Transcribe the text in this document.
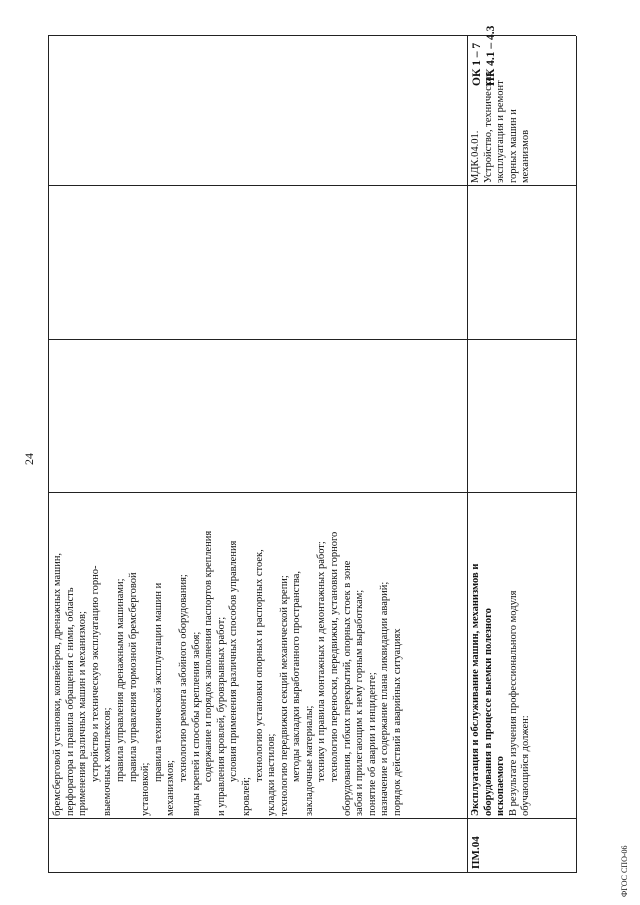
бремсберговой установки, конвейеров, дренажных машин, перфоратора и правила обращения с ними, область применения различных машин и механизмов; устройство и техническую эксплуатацию горно- выемочных комплексов; правила управления дренажными машинами; правила управления тормозной бремсберговой
установкой;
правила технической эксплуатации машин и
механизмов;
технологию ремонта забойного оборудования; виды крепей и способы крепления забоя; содержание и порядок заполнения паспортов крепления и управления кровлей, буровзрывных работ; условия применения различных способов управления
кровлей;
технологию установки опорных и распорных стоек, укладки настилов; технологию передвижки секций механической крепи; методы закладки выработанного пространства, закладочные материалы; технику и правила монтажных и демонтажных работ; технологию переноски, передвижки, установки горного оборудования, гибких перекрытий, опорных стоек в зоне забоя и прилегающим к нему горным выработкам; понятие об аварии и инциденте; назначение и содержание плана ликвидации аварий; порядок действий в аварийных ситуациях
ПМ.04
Эксплуатация и обслуживание машин, механизмов и оборудования в процессе выемки полезного ископаемого В результате изучения профессионального модуля обучающийся должен:
МДК.04.01. Устройство, техническая эксплуатация и ремонт горных машин и механизмов
ОК 1 – 7 ПК 4.1 – 4.3
24
ФГОС СПО-06
